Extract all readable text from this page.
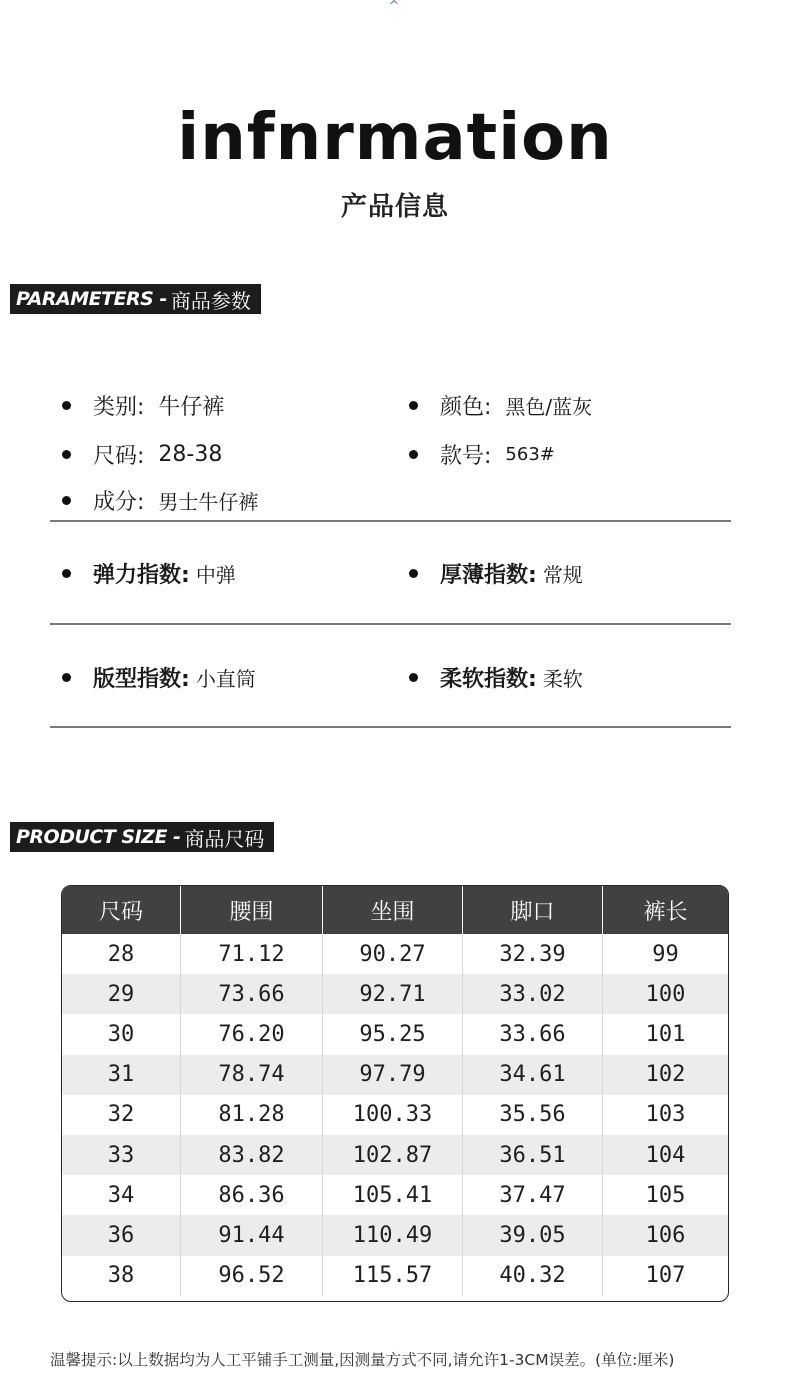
^
infnrmation
产品信息
PARAMETERS - 商品参数
类别: 牛仔裤	颜色: 黑色/蓝灰
尺码: 28-38	款号: 563#
成分: 男士牛仔裤
弹力指数: 中弹	厚薄指数: 常规
版型指数: 小直筒	柔软指数: 柔软
PRODUCT SIZE - 商品尺码
尺码	腰围	坐围	脚口	裤长
28	71.12	90.27	32.39	99
29	73.66	92.71	33.02	100
30	76.20	95.25	33.66	101
31	78.74	97.79	34.61	102
32	81.28	100.33	35.56	103
33	83.82	102.87	36.51	104
34	86.36	105.41	37.47	105
36	91.44	110.49	39.05	106
38	96.52	115.57	40.32	107
温馨提示:以上数据均为人工平铺手工测量,因测量方式不同,请允许1-3CM误差。(单位:厘米)
